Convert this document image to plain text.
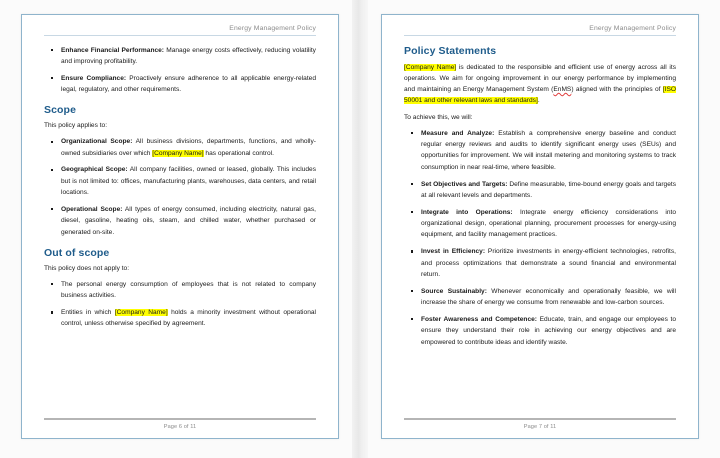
Energy Management Policy
Enhance Financial Performance: Manage energy costs effectively, reducing volatility and improving profitability.
Ensure Compliance: Proactively ensure adherence to all applicable energy-related legal, regulatory, and other requirements.
Scope

This policy applies to:

Organizational Scope: All business divisions, departments, functions, and wholly-owned subsidiaries over which [Company Name] has operational control.
Geographical Scope: All company facilities, owned or leased, globally. This includes but is not limited to: offices, manufacturing plants, warehouses, data centers, and retail locations.
Operational Scope: All types of energy consumed, including electricity, natural gas, diesel, gasoline, heating oils, steam, and chilled water, whether purchased or generated on-site.
Out of scope

This policy does not apply to:

The personal energy consumption of employees that is not related to company business activities.
Entities in which [Company Name] holds a minority investment without operational control, unless otherwise specified by agreement.
Page 6 of 11
Energy Management Policy
Policy Statements

[Company Name] is dedicated to the responsible and efficient use of energy across all its operations. We aim for ongoing improvement in our energy performance by implementing and maintaining an Energy Management System (EnMS) aligned with the principles of [ISO 50001 and other relevant laws and standards].

To achieve this, we will:

Measure and Analyze: Establish a comprehensive energy baseline and conduct regular energy reviews and audits to identify significant energy uses (SEUs) and opportunities for improvement. We will install metering and monitoring systems to track consumption in near real-time, where feasible.
Set Objectives and Targets: Define measurable, time-bound energy goals and targets at all relevant levels and departments.
Integrate into Operations: Integrate energy efficiency considerations into organizational design, operational planning, procurement processes for energy-using equipment, and facility management practices.
Invest in Efficiency: Prioritize investments in energy-efficient technologies, retrofits, and process optimizations that demonstrate a sound financial and environmental return.
Source Sustainably: Whenever economically and operationally feasible, we will increase the share of energy we consume from renewable and low-carbon sources.
Foster Awareness and Competence: Educate, train, and engage our employees to ensure they understand their role in achieving our energy objectives and are empowered to contribute ideas and identify waste.
Page 7 of 11
